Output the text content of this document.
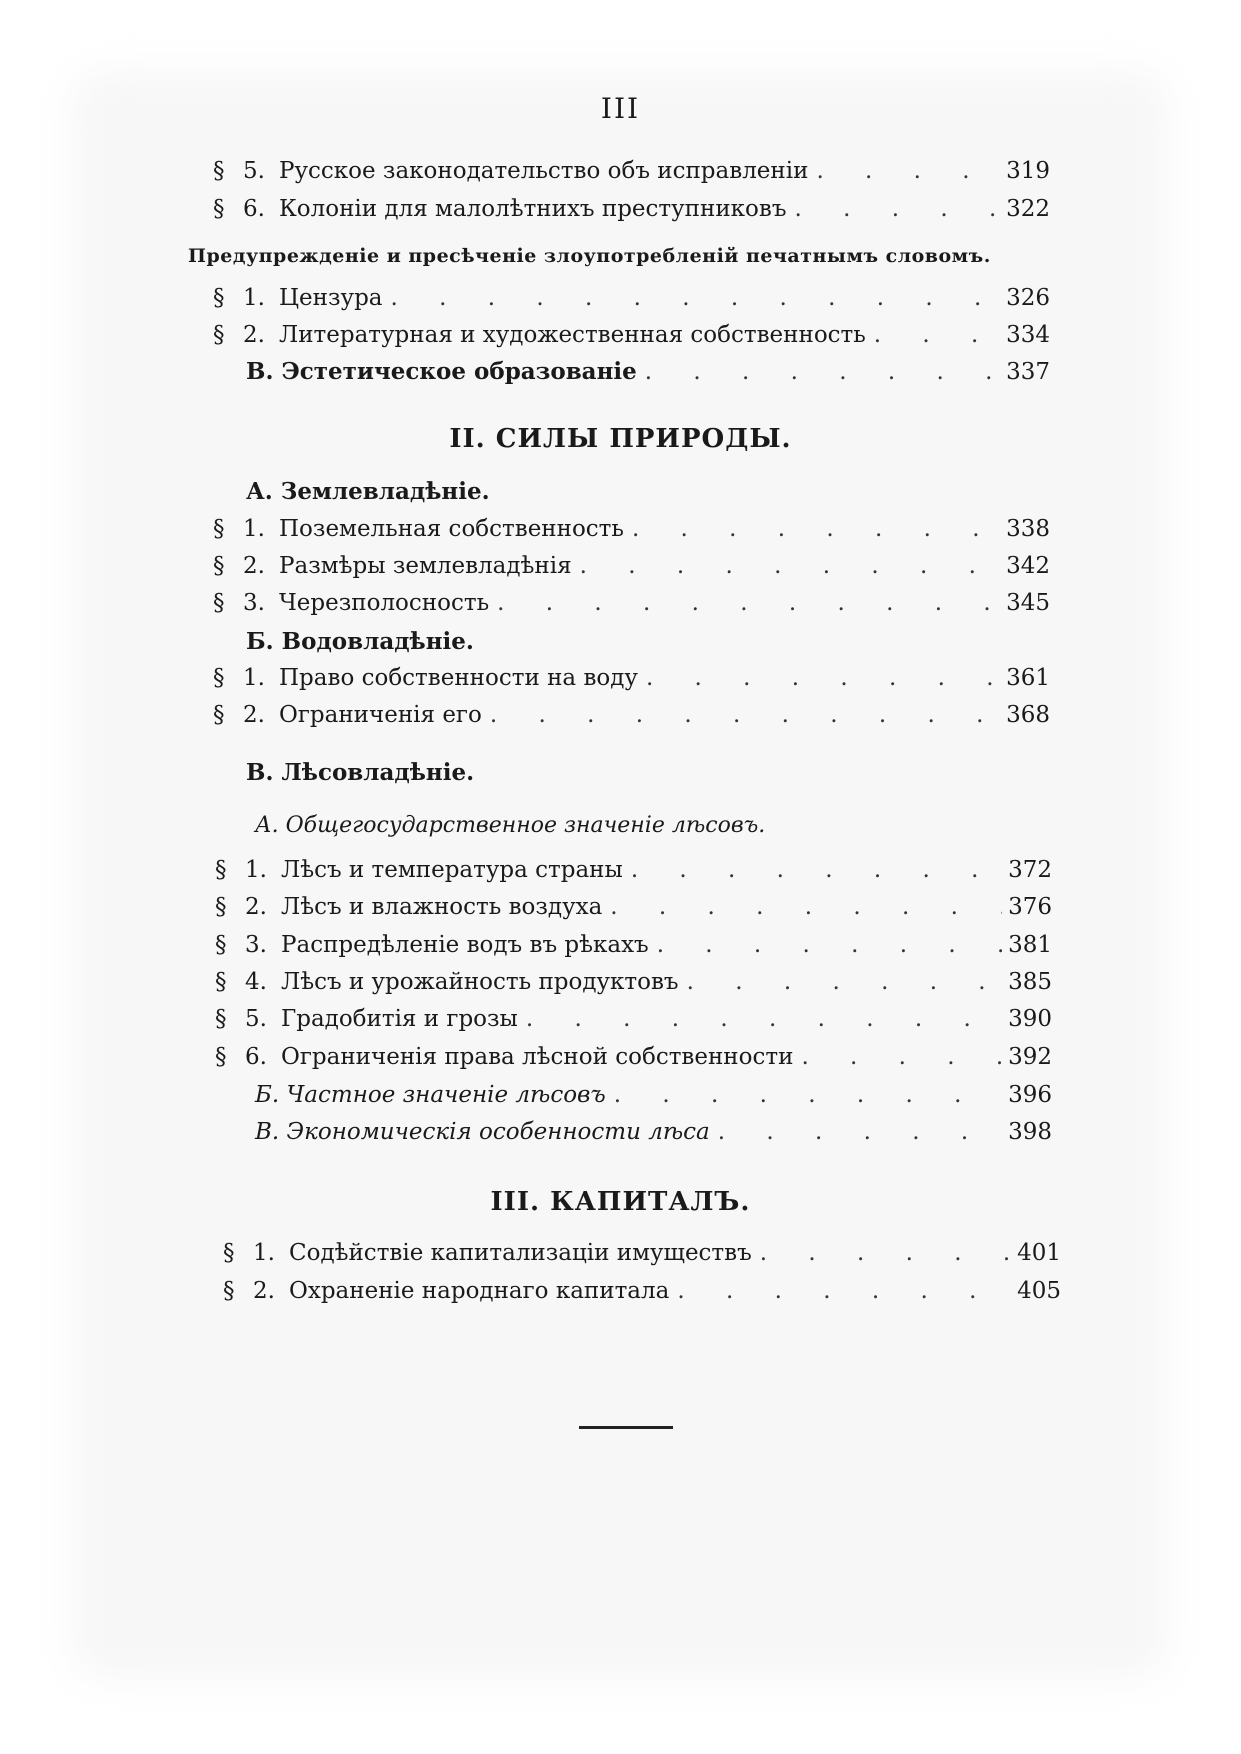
III
§ 5. Русское законодательство объ исправленіи . . .	319
§ 6. Колоніи для малолѣтнихъ преступниковъ . . .	322
Предупрежденіе и пресѣченіе злоупотребленій печатнымъ словомъ.
§ 1. Цензура . . .	326
§ 2. Литературная и художественная собственность . . .	334
В. Эстетическое образованіе . . .	337
II. СИЛЫ ПРИРОДЫ.
А. Землевладѣніе.
§ 1. Поземельная собственность . . .	338
§ 2. Размѣры землевладѣнія . . .	342
§ 3. Черезполосность . . .	345
Б. Водовладѣніе.
§ 1. Право собственности на воду . . .	361
§ 2. Ограниченія его . . .	368
В. Лѣсовладѣніе.
А. Общегосударственное значеніе лѣсовъ.
§ 1. Лѣсъ и температура страны . . .	372
§ 2. Лѣсъ и влажность воздуха . . .	376
§ 3. Распредѣленіе водъ въ рѣкахъ . . .	381
§ 4. Лѣсъ и урожайность продуктовъ . . .	385
§ 5. Градобитія и грозы . . .	390
§ 6. Ограниченія права лѣсной собственности . . .	392
Б. Частное значеніе лѣсовъ . . .	396
В. Экономическія особенности лѣса . . .	398
III. КАПИТАЛЪ.
§ 1. Содѣйствіе капитализаціи имуществъ . . .	401
§ 2. Охраненіе народнаго капитала . . .	405
